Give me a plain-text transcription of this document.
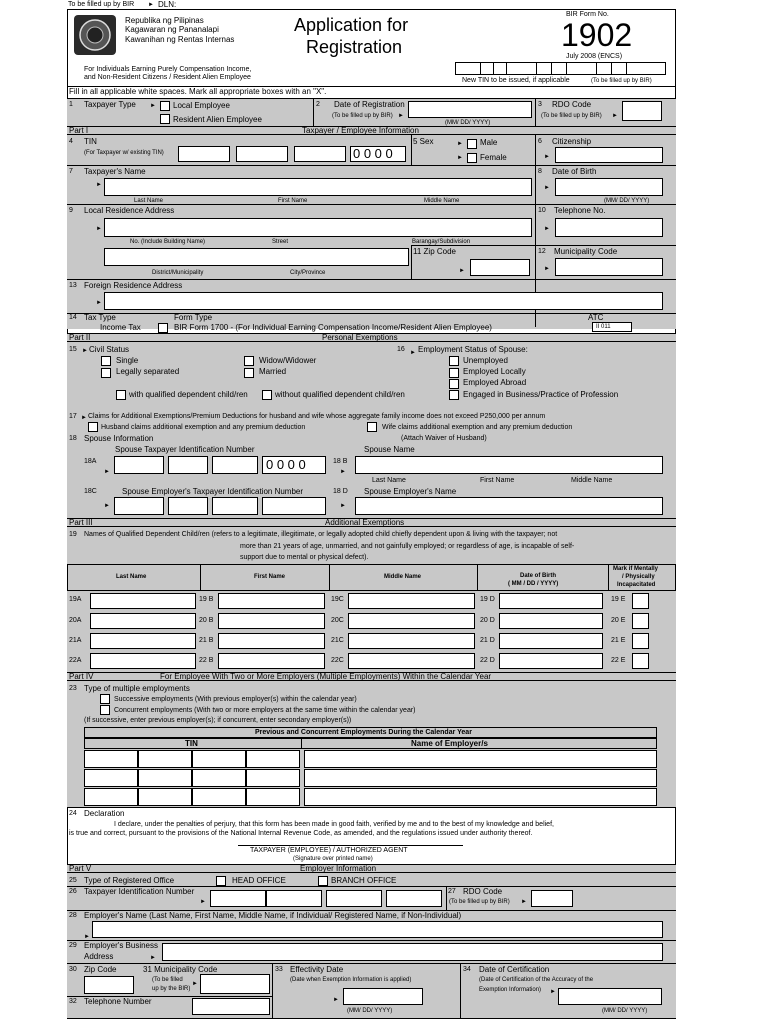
To be filled up by BIR ► DLN:
Republika ng Pilipinas
Kagawaran ng Pananalapi
Kawanihan ng Rentas Internas
Application for
Registration
BIR Form No.
1902
July 2008 (ENCS)
For Individuals Earning Purely Compensation Income,
and Non-Resident Citizens / Resident Alien Employee	New TIN to be issued, if applicable	(To be filled up by BIR)
Fill in all applicable white spaces. Mark all appropriate boxes with an "X".
1 Taxpayer Type ► Local Employee
Resident Alien Employee
2 Date of Registration
(To be filled up by BIR) ►
(MM/ DD/ YYYY)
3 RDO Code
(To be filled up by BIR) ►
Part I	Taxpayer / Employee Information
4 TIN
(For Taxpayer w/ existing TIN)	0 0 0 0
5 Sex	► Male
► Female
6 Citizenship
►
7 Taxpayer's Name
►
Last Name	First Name	Middle Name
8 Date of Birth
►
(MM/ DD/ YYYY)
9 Local Residence Address
►
No. (Include Building Name)	Street	Barangay/Subdivision
10 Telephone No.
►
District/Municipality	City/Province
11 Zip Code
►
12 Municipality Code
►
13 Foreign Residence Address
►
14 Tax Type
Income Tax
Form Type
BIR Form 1700 - (For Individual Earning Compensation Income/Resident Alien Employee)
ATC
II 011
Part II	Personal Exemptions
15 ► Civil Status
Single
Legally separated
Widow/Widower
Married
with qualified dependent child/ren	without qualified dependent child/ren
16 ► Employment Status of Spouse:
Unemployed
Employed Locally
Employed Abroad
Engaged in Business/Practice of Profession
17 ► Claims for Additional Exemptions/Premium Deductions for husband and wife whose aggregate family income does not exceed P250,000 per annum
Husband claims additional exemption and any premium deduction	Wife claims additional exemption and any premium deduction
18 Spouse Information	(Attach Waiver of Husband)
Spouse Taxpayer Identification Number
18A
►	0 0 0 0
Spouse Name
18 B
►
Last Name	First Name	Middle Name
18C	Spouse Employer's Taxpayer Identification Number
►
18 D Spouse Employer's Name
►
Part III	Additional Exemptions
19 Names of Qualified Dependent Child/ren (refers to a legitimate, illegitimate, or legally adopted child chiefly dependent upon & living with the taxpayer; not
more than 21 years of age, unmarried, and not gainfully employed; or regardless of age, is incapable of self-
support due to mental or physical defect).
Last Name	First Name	Middle Name	Date of Birth
( MM / DD / YYYY)
Mark if Mentally
/ Physically
Incapacitated
19A	19 B	19C	19 D	19 E
20A	20 B	20C	20 D	20 E
21A	21 B	21C	21 D	21 E
22A	22 B	22C	22 D	22 E
Part IV	For Employee With Two or More Employers (Multiple Employments) Within the Calendar Year
23 Type of multiple employments
Successive employments (With previous employer(s) within the calendar year)
Concurrent employments (With two or more employers at the same time within the calendar year)
(If successive, enter previous employer(s); if concurrent, enter secondary employer(s))
Previous and Concurrent Employments During the Calendar Year
TIN	Name of Employer/s
24 Declaration
I declare, under the penalties of perjury, that this form has been made in good faith, verified by me and to the best of my knowledge and belief,
is true and correct, pursuant to the provisions of the National Internal Revenue Code, as amended, and the regulations issued under authority thereof.
TAXPAYER (EMPLOYEE) / AUTHORIZED AGENT
(Signature over printed name)
Part V	Employer Information
25 Type of Registered Office	HEAD OFFICE	BRANCH OFFICE
26 Taxpayer Identification Number
►
27 RDO Code
(To be filled up by BIR) ►
28 Employer's Name (Last Name, First Name, Middle Name, if Individual/ Registered Name, if Non-Individual)
►
29 Employer's Business
Address	►
30 Zip Code	31 Municipality Code
(To be filled
up by the BIR)
►
33 Effectivity Date
(Date when Exemption Information is applied)
►
(MM/ DD/ YYYY)
34 Date of Certification
(Date of Certification of the Accuracy of the
Exemption Information) ►
(MM/ DD/ YYYY)
32 Telephone Number
